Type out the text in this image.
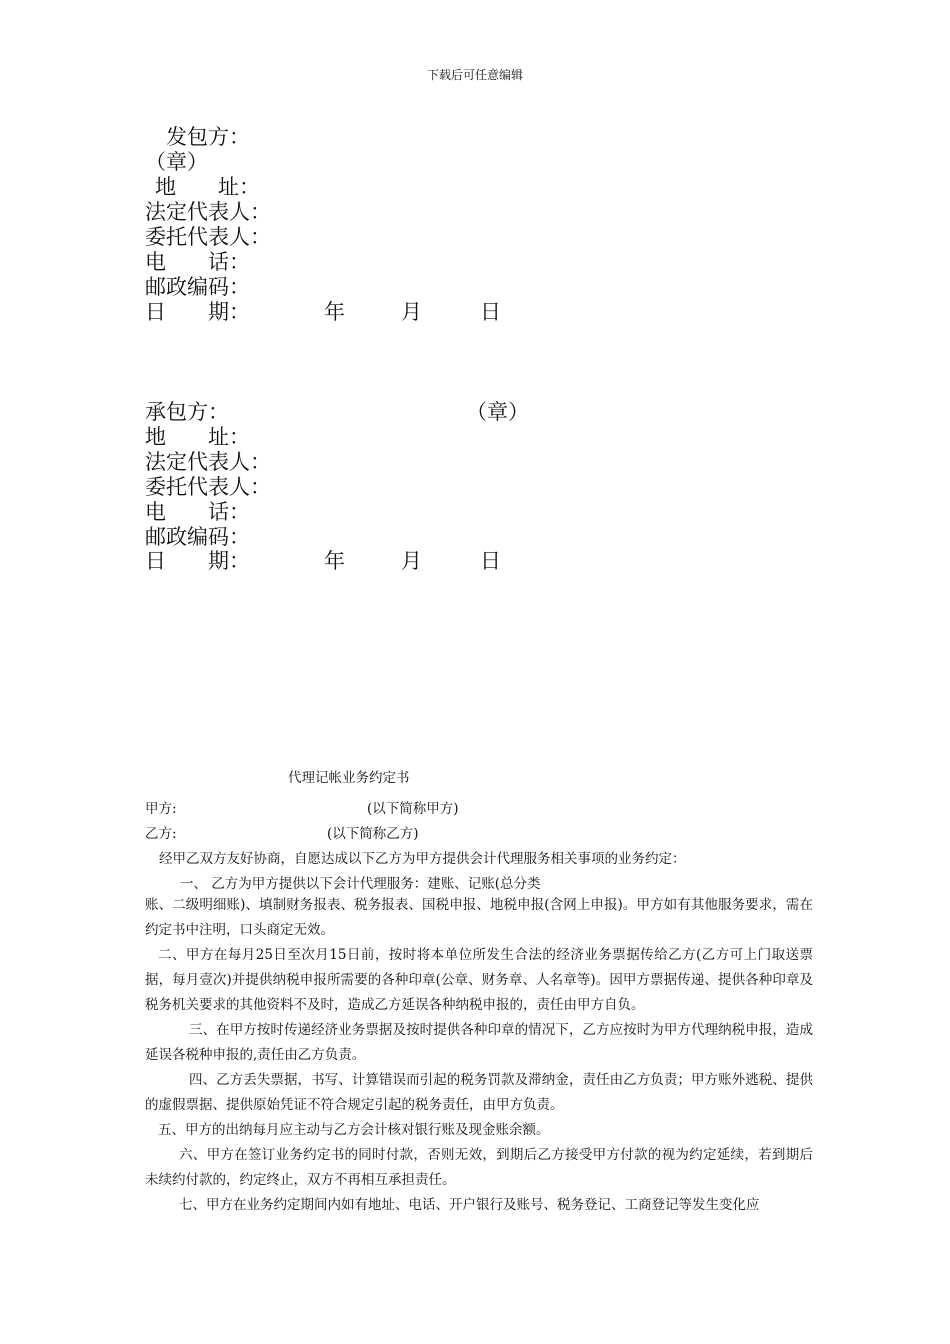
下载后可任意编辑
发包方：
（章）
地　　址：
法定代表人：
委托代表人：
电　　话：
邮政编码：
日　　期：	年	月	日
承包方：	（章）
地　　址：
法定代表人：
委托代表人：
电　　话：
邮政编码：
日　　期：	年	月	日
代理记帐业务约定书
甲方:	(以下简称甲方)
乙方:	(以下简称乙方)
经甲乙双方友好协商，自愿达成以下乙方为甲方提供会计代理服务相关事项的业务约定：
一、 乙方为甲方提供以下会计代理服务：建账、记账(总分类
账、二级明细账)、填制财务报表、税务报表、国税申报、地税申报(含网上申报)。甲方如有其他服务要求，需在约定书中注明，口头商定无效。
二、甲方在每月25日至次月15日前，按时将本单位所发生合法的经济业务票据传给乙方(乙方可上门取送票据，每月壹次)并提供纳税申报所需要的各种印章(公章、财务章、人名章等)。因甲方票据传递、提供各种印章及税务机关要求的其他资料不及时，造成乙方延误各种纳税申报的，责任由甲方自负。
三、在甲方按时传递经济业务票据及按时提供各种印章的情况下，乙方应按时为甲方代理纳税申报，造成延误各税种申报的,责任由乙方负责。
四、乙方丢失票据，书写、计算错误而引起的税务罚款及滞纳金，责任由乙方负责；甲方账外逃税、提供的虚假票据、提供原始凭证不符合规定引起的税务责任，由甲方负责。
五、甲方的出纳每月应主动与乙方会计核对银行账及现金账余额。
六、甲方在签订业务约定书的同时付款，否则无效，到期后乙方接受甲方付款的视为约定延续，若到期后未续约付款的，约定终止，双方不再相互承担责任。
七、甲方在业务约定期间内如有地址、电话、开户银行及账号、税务登记、工商登记等发生变化应
